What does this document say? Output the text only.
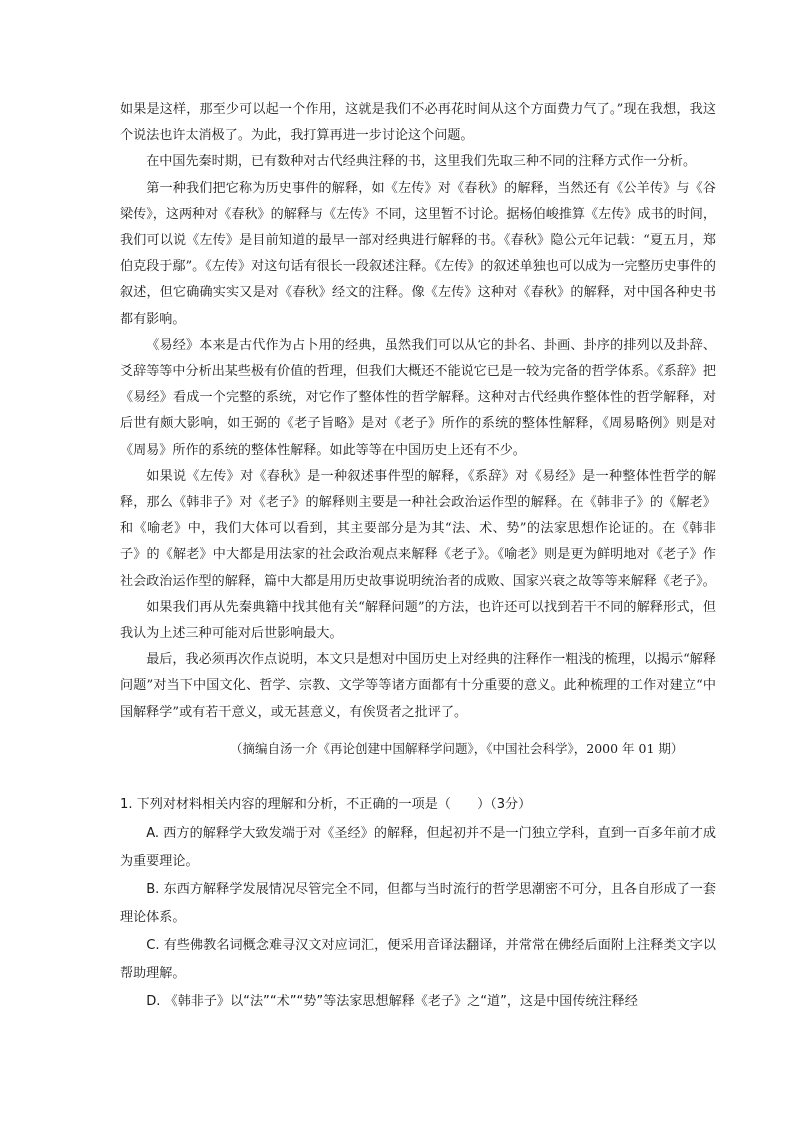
如果是这样，那至少可以起一个作用，这就是我们不必再花时间从这个方面费力气了。”现在我想，我这个说法也许太消极了。为此，我打算再进一步讨论这个问题。

在中国先秦时期，已有数种对古代经典注释的书，这里我们先取三种不同的注释方式作一分析。

第一种我们把它称为历史事件的解释，如《左传》对《春秋》的解释，当然还有《公羊传》与《谷梁传》，这两种对《春秋》的解释与《左传》不同，这里暂不讨论。据杨伯峻推算《左传》成书的时间，我们可以说《左传》是目前知道的最早一部对经典进行解释的书。《春秋》隐公元年记载：“夏五月，郑伯克段于鄢”。《左传》对这句话有很长一段叙述注释。《左传》的叙述单独也可以成为一完整历史事件的叙述，但它确确实实又是对《春秋》经文的注释。像《左传》这种对《春秋》的解释，对中国各种史书都有影响。

《易经》本来是古代作为占卜用的经典，虽然我们可以从它的卦名、卦画、卦序的排列以及卦辞、爻辞等等中分析出某些极有价值的哲理，但我们大概还不能说它已是一较为完备的哲学体系。《系辞》把《易经》看成一个完整的系统，对它作了整体性的哲学解释。这种对古代经典作整体性的哲学解释，对后世有颇大影响，如王弼的《老子旨略》是对《老子》所作的系统的整体性解释，《周易略例》则是对《周易》所作的系统的整体性解释。如此等等在中国历史上还有不少。

如果说《左传》对《春秋》是一种叙述事件型的解释，《系辞》对《易经》是一种整体性哲学的解释，那么《韩非子》对《老子》的解释则主要是一种社会政治运作型的解释。在《韩非子》的《解老》和《喻老》中，我们大体可以看到，其主要部分是为其“法、术、势”的法家思想作论证的。在《韩非子》的《解老》中大都是用法家的社会政治观点来解释《老子》。《喻老》则是更为鲜明地对《老子》作社会政治运作型的解释，篇中大都是用历史故事说明统治者的成败、国家兴衰之故等等来解释《老子》。

如果我们再从先秦典籍中找其他有关“解释问题”的方法，也许还可以找到若干不同的解释形式，但我认为上述三种可能对后世影响最大。

最后，我必须再次作点说明，本文只是想对中国历史上对经典的注释作一粗浅的梳理，以揭示“解释问题”对当下中国文化、哲学、宗教、文学等等诸方面都有十分重要的意义。此种梳理的工作对建立“中国解释学”或有若干意义，或无甚意义，有俟贤者之批评了。

（摘编自汤一介《再论创建中国解释学问题》，《中国社会科学》，2000 年 01 期）

1. 下列对材料相关内容的理解和分析，不正确的一项是（　　）（3分）

A. 西方的解释学大致发端于对《圣经》的解释，但起初并不是一门独立学科，直到一百多年前才成为重要理论。
B. 东西方解释学发展情况尽管完全不同，但都与当时流行的哲学思潮密不可分，且各自形成了一套理论体系。
C. 有些佛教名词概念难寻汉文对应词汇，便采用音译法翻译，并常常在佛经后面附上注释类文字以帮助理解。
D. 《韩非子》以“法”“术”“势”等法家思想解释《老子》之“道”，这是中国传统注释经
